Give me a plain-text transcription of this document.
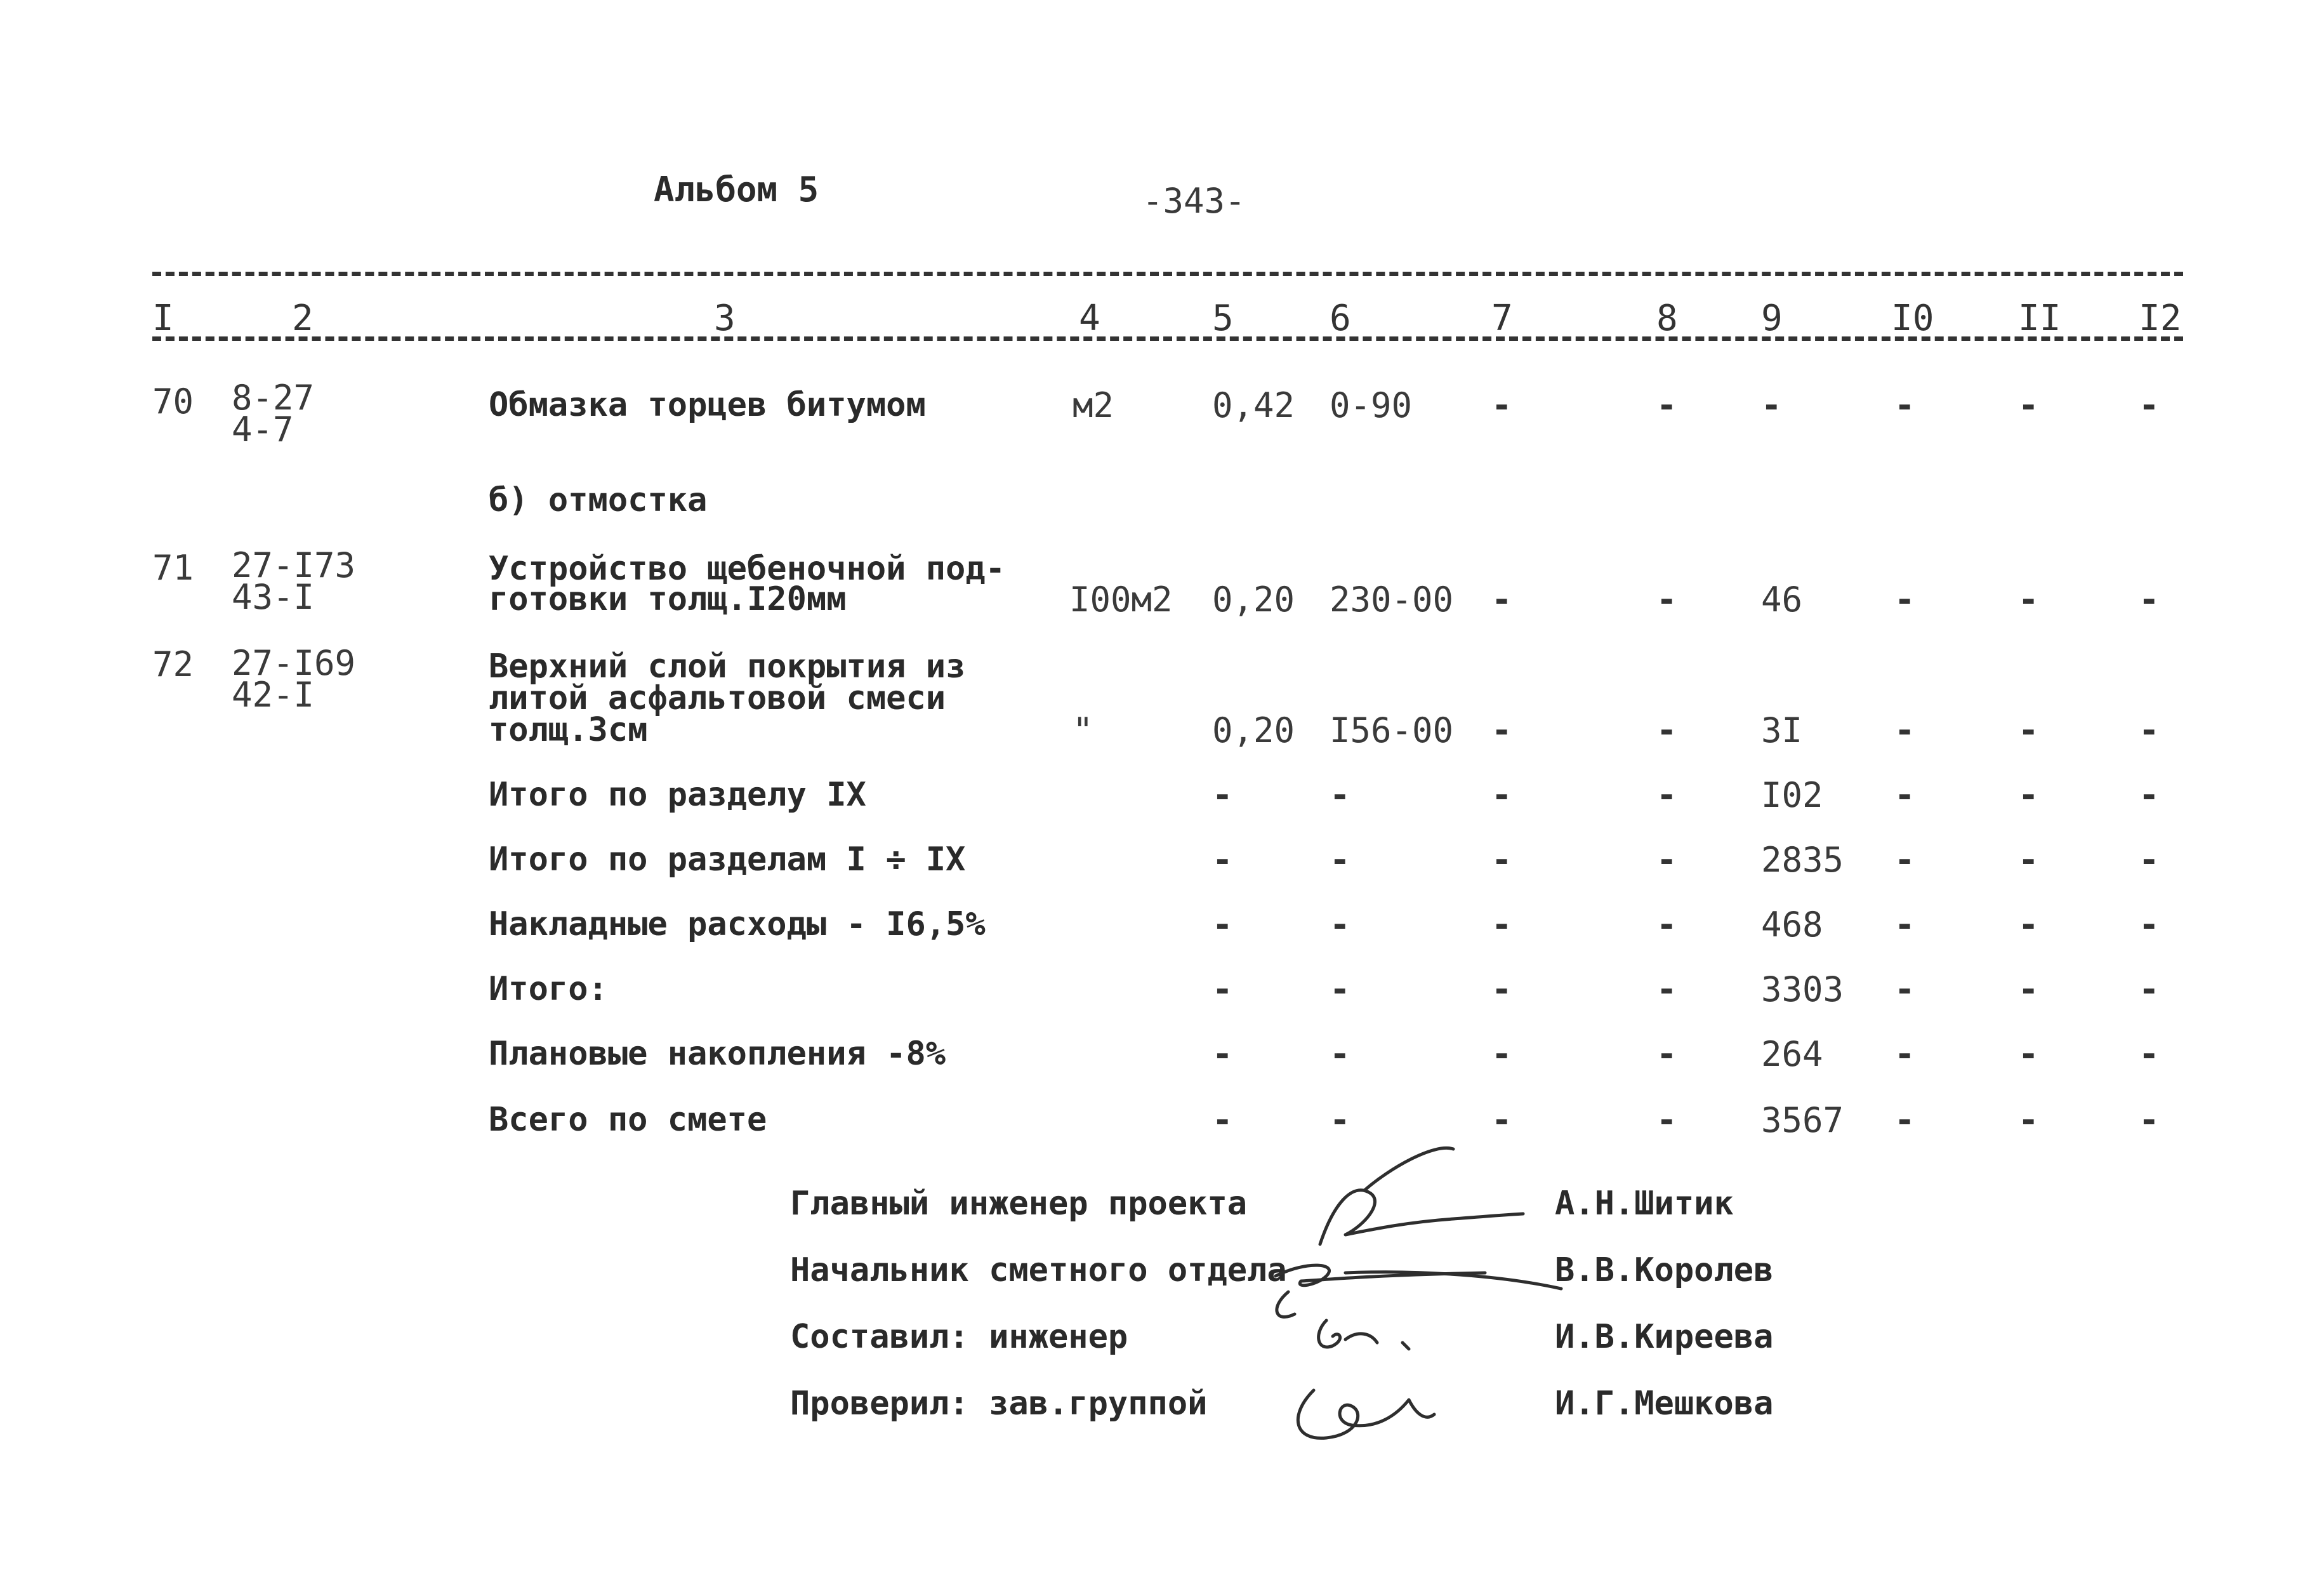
Альбом 5	-343-
I	2	3	4	5	6	7	8 9	I0 II I2
70 8-27
4-7
Обмазка торцев битумом	м2	0,42 0-90 -	- -	-	-	-
б) отмостка
71 27-I73
43-I
Устройство щебеночной под-
готовки толщ.I20мм	I00м2 0,20 230-00 -	- 46	-	-	-
72 27-I69
42-I
Верхний слой покрытия из
литой асфальтовой смеси
толщ.3см	"	0,20 I56-00 -	- 3I	-	-	-
Итого по разделу IX	-	-	-	- I02 -	-	-
Итого по разделам I ÷ IX	-	-	-	- 2835 -	-	-
Накладные расходы - I6,5%	-	-	-	- 468 -	-	-
Итого:	-	-	-	- 3303 -	-	-
Плановые накопления -8%	-	-	-	- 264 -	-	-
Всего по смете	-	-	-	- 3567 -	-	-
Главный инженер проекта	А.Н.Шитик
Начальник сметного отдела	В.В.Королев
Составил: инженер	И.В.Киреева
Проверил: зав.группой	И.Г.Мешкова
